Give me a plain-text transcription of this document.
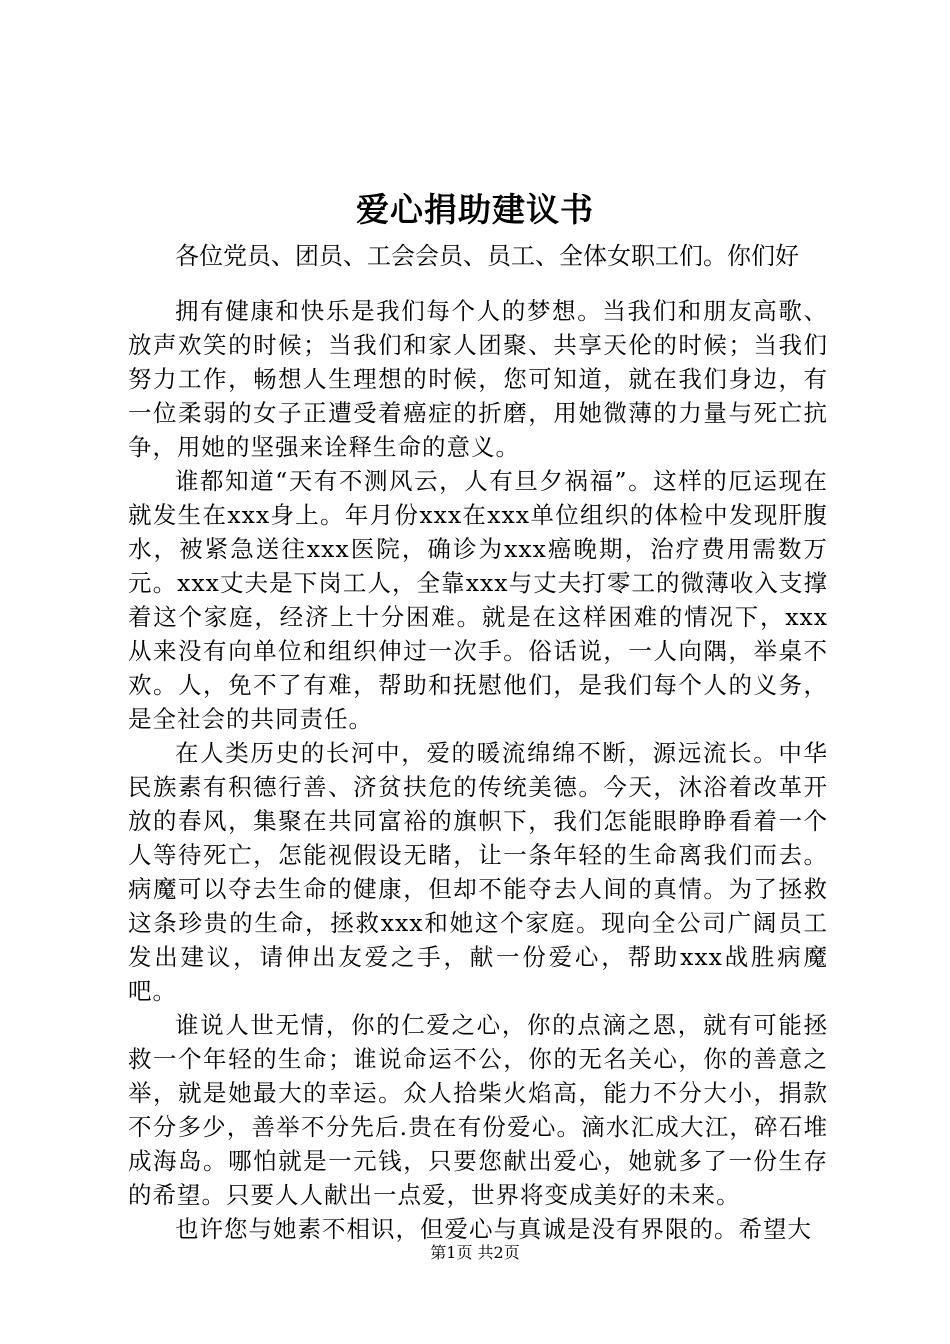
爱心捐助建议书
各位党员、团员、工会会员、员工、全体女职工们。你们好

拥有健康和快乐是我们每个人的梦想。当我们和朋友高歌、放声欢笑的时候；当我们和家人团聚、共享天伦的时候；当我们努力工作，畅想人生理想的时候，您可知道，就在我们身边，有一位柔弱的女子正遭受着癌症的折磨，用她微薄的力量与死亡抗争，用她的坚强来诠释生命的意义。

谁都知道“天有不测风云，人有旦夕祸福”。这样的厄运现在就发生在xxx身上。年月份xxx在xxx单位组织的体检中发现肝腹水，被紧急送往xxx医院，确诊为xxx癌晚期，治疗费用需数万元。xxx丈夫是下岗工人，全靠xxx与丈夫打零工的微薄收入支撑着这个家庭，经济上十分困难。就是在这样困难的情况下，xxx从来没有向单位和组织伸过一次手。俗话说，一人向隅，举桌不欢。人，免不了有难，帮助和抚慰他们，是我们每个人的义务，是全社会的共同责任。

在人类历史的长河中，爱的暖流绵绵不断，源远流长。中华民族素有积德行善、济贫扶危的传统美德。今天，沐浴着改革开放的春风，集聚在共同富裕的旗帜下，我们怎能眼睁睁看着一个人等待死亡，怎能视假设无睹，让一条年轻的生命离我们而去。病魔可以夺去生命的健康，但却不能夺去人间的真情。为了拯救这条珍贵的生命，拯救xxx和她这个家庭。现向全公司广阔员工发出建议，请伸出友爱之手，献一份爱心，帮助xxx战胜病魔吧。

谁说人世无情，你的仁爱之心，你的点滴之恩，就有可能拯救一个年轻的生命；谁说命运不公，你的无名关心，你的善意之举，就是她最大的幸运。众人拾柴火焰高，能力不分大小，捐款不分多少，善举不分先后.贵在有份爱心。滴水汇成大江，碎石堆成海岛。哪怕就是一元钱，只要您献出爱心，她就多了一份生存的希望。只要人人献出一点爱，世界将变成美好的未来。

也许您与她素不相识，但爱心与真诚是没有界限的。希望大

第1页 共2页
